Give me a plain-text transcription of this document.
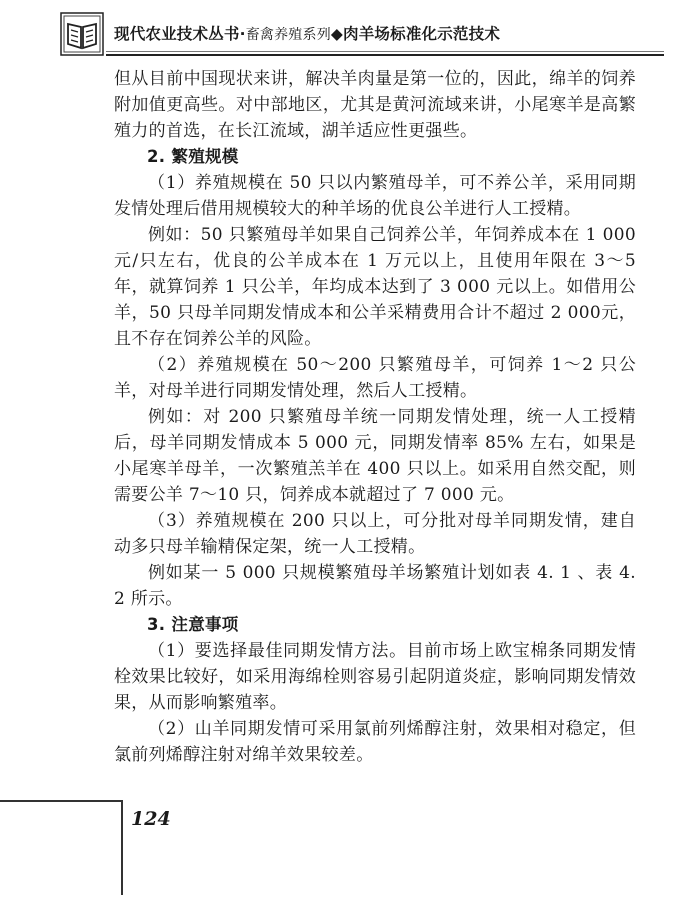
现代农业技术丛书·畜禽养殖系列◆肉羊场标准化示范技术

但从目前中国现状来讲，解决羊肉量是第一位的，因此，绵羊的饲养附加值更高些。对中部地区，尤其是黄河流域来讲，小尾寒羊是高繁殖力的首选，在长江流域，湖羊适应性更强些。

2. 繁殖规模

（1）养殖规模在 50 只以内繁殖母羊，可不养公羊，采用同期发情处理后借用规模较大的种羊场的优良公羊进行人工授精。

例如：50 只繁殖母羊如果自己饲养公羊，年饲养成本在 1 000元/只左右，优良的公羊成本在 1 万元以上，且使用年限在 3～5年，就算饲养 1 只公羊，年均成本达到了 3 000 元以上。如借用公羊，50 只母羊同期发情成本和公羊采精费用合计不超过 2 000元，且不存在饲养公羊的风险。

（2）养殖规模在 50～200 只繁殖母羊，可饲养 1～2 只公羊，对母羊进行同期发情处理，然后人工授精。

例如：对 200 只繁殖母羊统一同期发情处理，统一人工授精后，母羊同期发情成本 5 000 元，同期发情率 85% 左右，如果是小尾寒羊母羊，一次繁殖羔羊在 400 只以上。如采用自然交配，则需要公羊 7～10 只，饲养成本就超过了 7 000 元。

（3）养殖规模在 200 只以上，可分批对母羊同期发情，建自动多只母羊输精保定架，统一人工授精。

例如某一 5 000 只规模繁殖母羊场繁殖计划如表 4. 1 、表 4. 2 所示。

3. 注意事项

（1）要选择最佳同期发情方法。目前市场上欧宝棉条同期发情栓效果比较好，如采用海绵栓则容易引起阴道炎症，影响同期发情效果，从而影响繁殖率。

（2）山羊同期发情可采用氯前列烯醇注射，效果相对稳定，但氯前列烯醇注射对绵羊效果较差。

124
